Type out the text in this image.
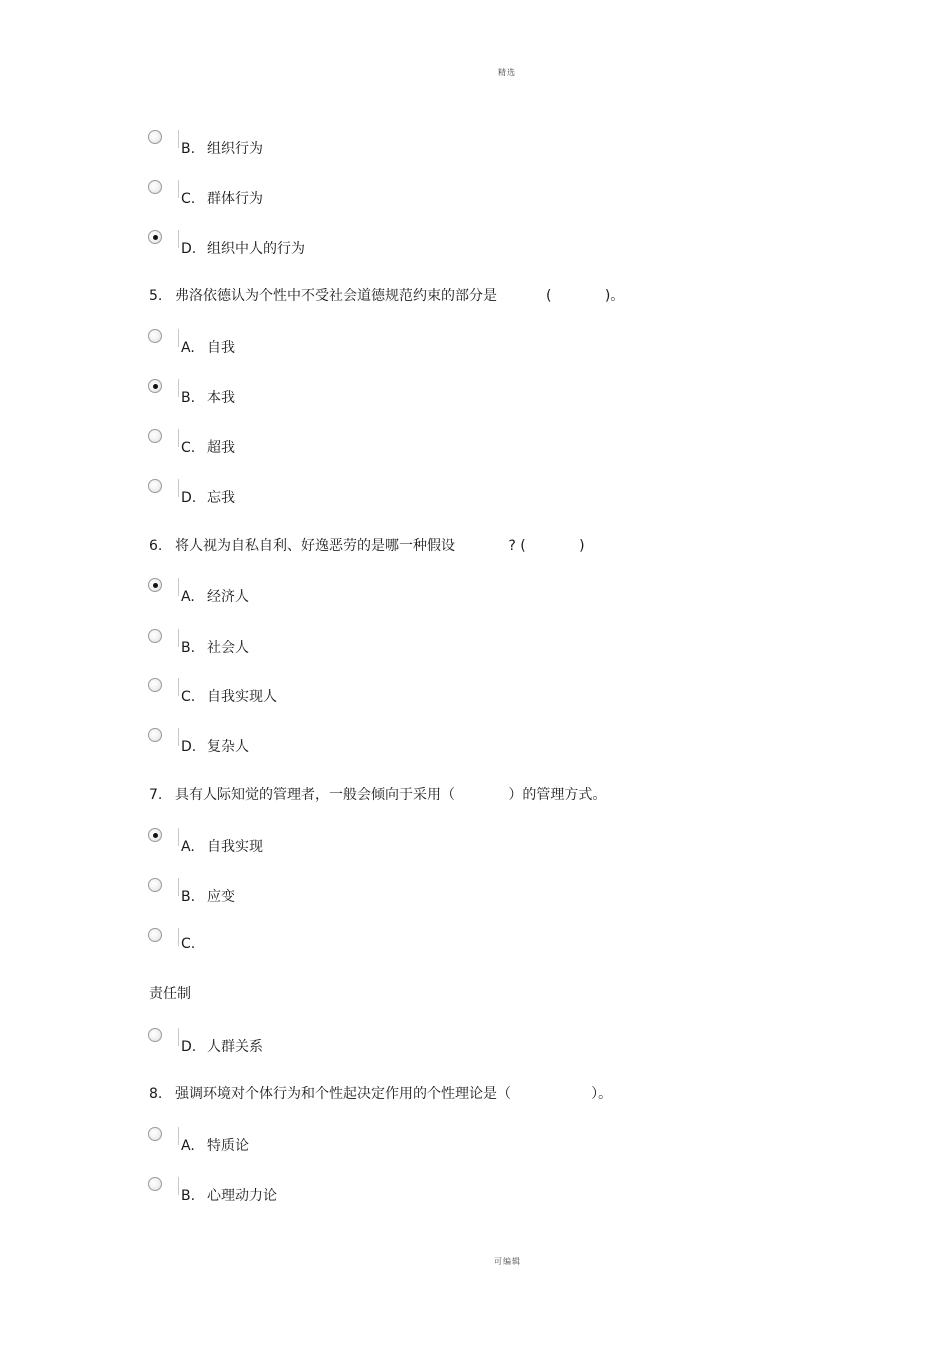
精选
B. 组织行为
C. 群体行为
D. 组织中人的行为
5. 弗洛依德认为个性中不受社会道德规范约束的部分是           (            )。
A. 自我
B. 本我
C. 超我
D. 忘我
6. 将人视为自私自利、好逸恶劳的是哪一种假设            ? (            )
A. 经济人
B. 社会人
C. 自我实现人
D. 复杂人
7. 具有人际知觉的管理者，一般会倾向于采用（            ）的管理方式。
A. 自我实现
B. 应变
C.
责任制
D. 人群关系
8. 强调环境对个体行为和个性起决定作用的个性理论是（                  ）。
A. 特质论
B. 心理动力论
可编辑
